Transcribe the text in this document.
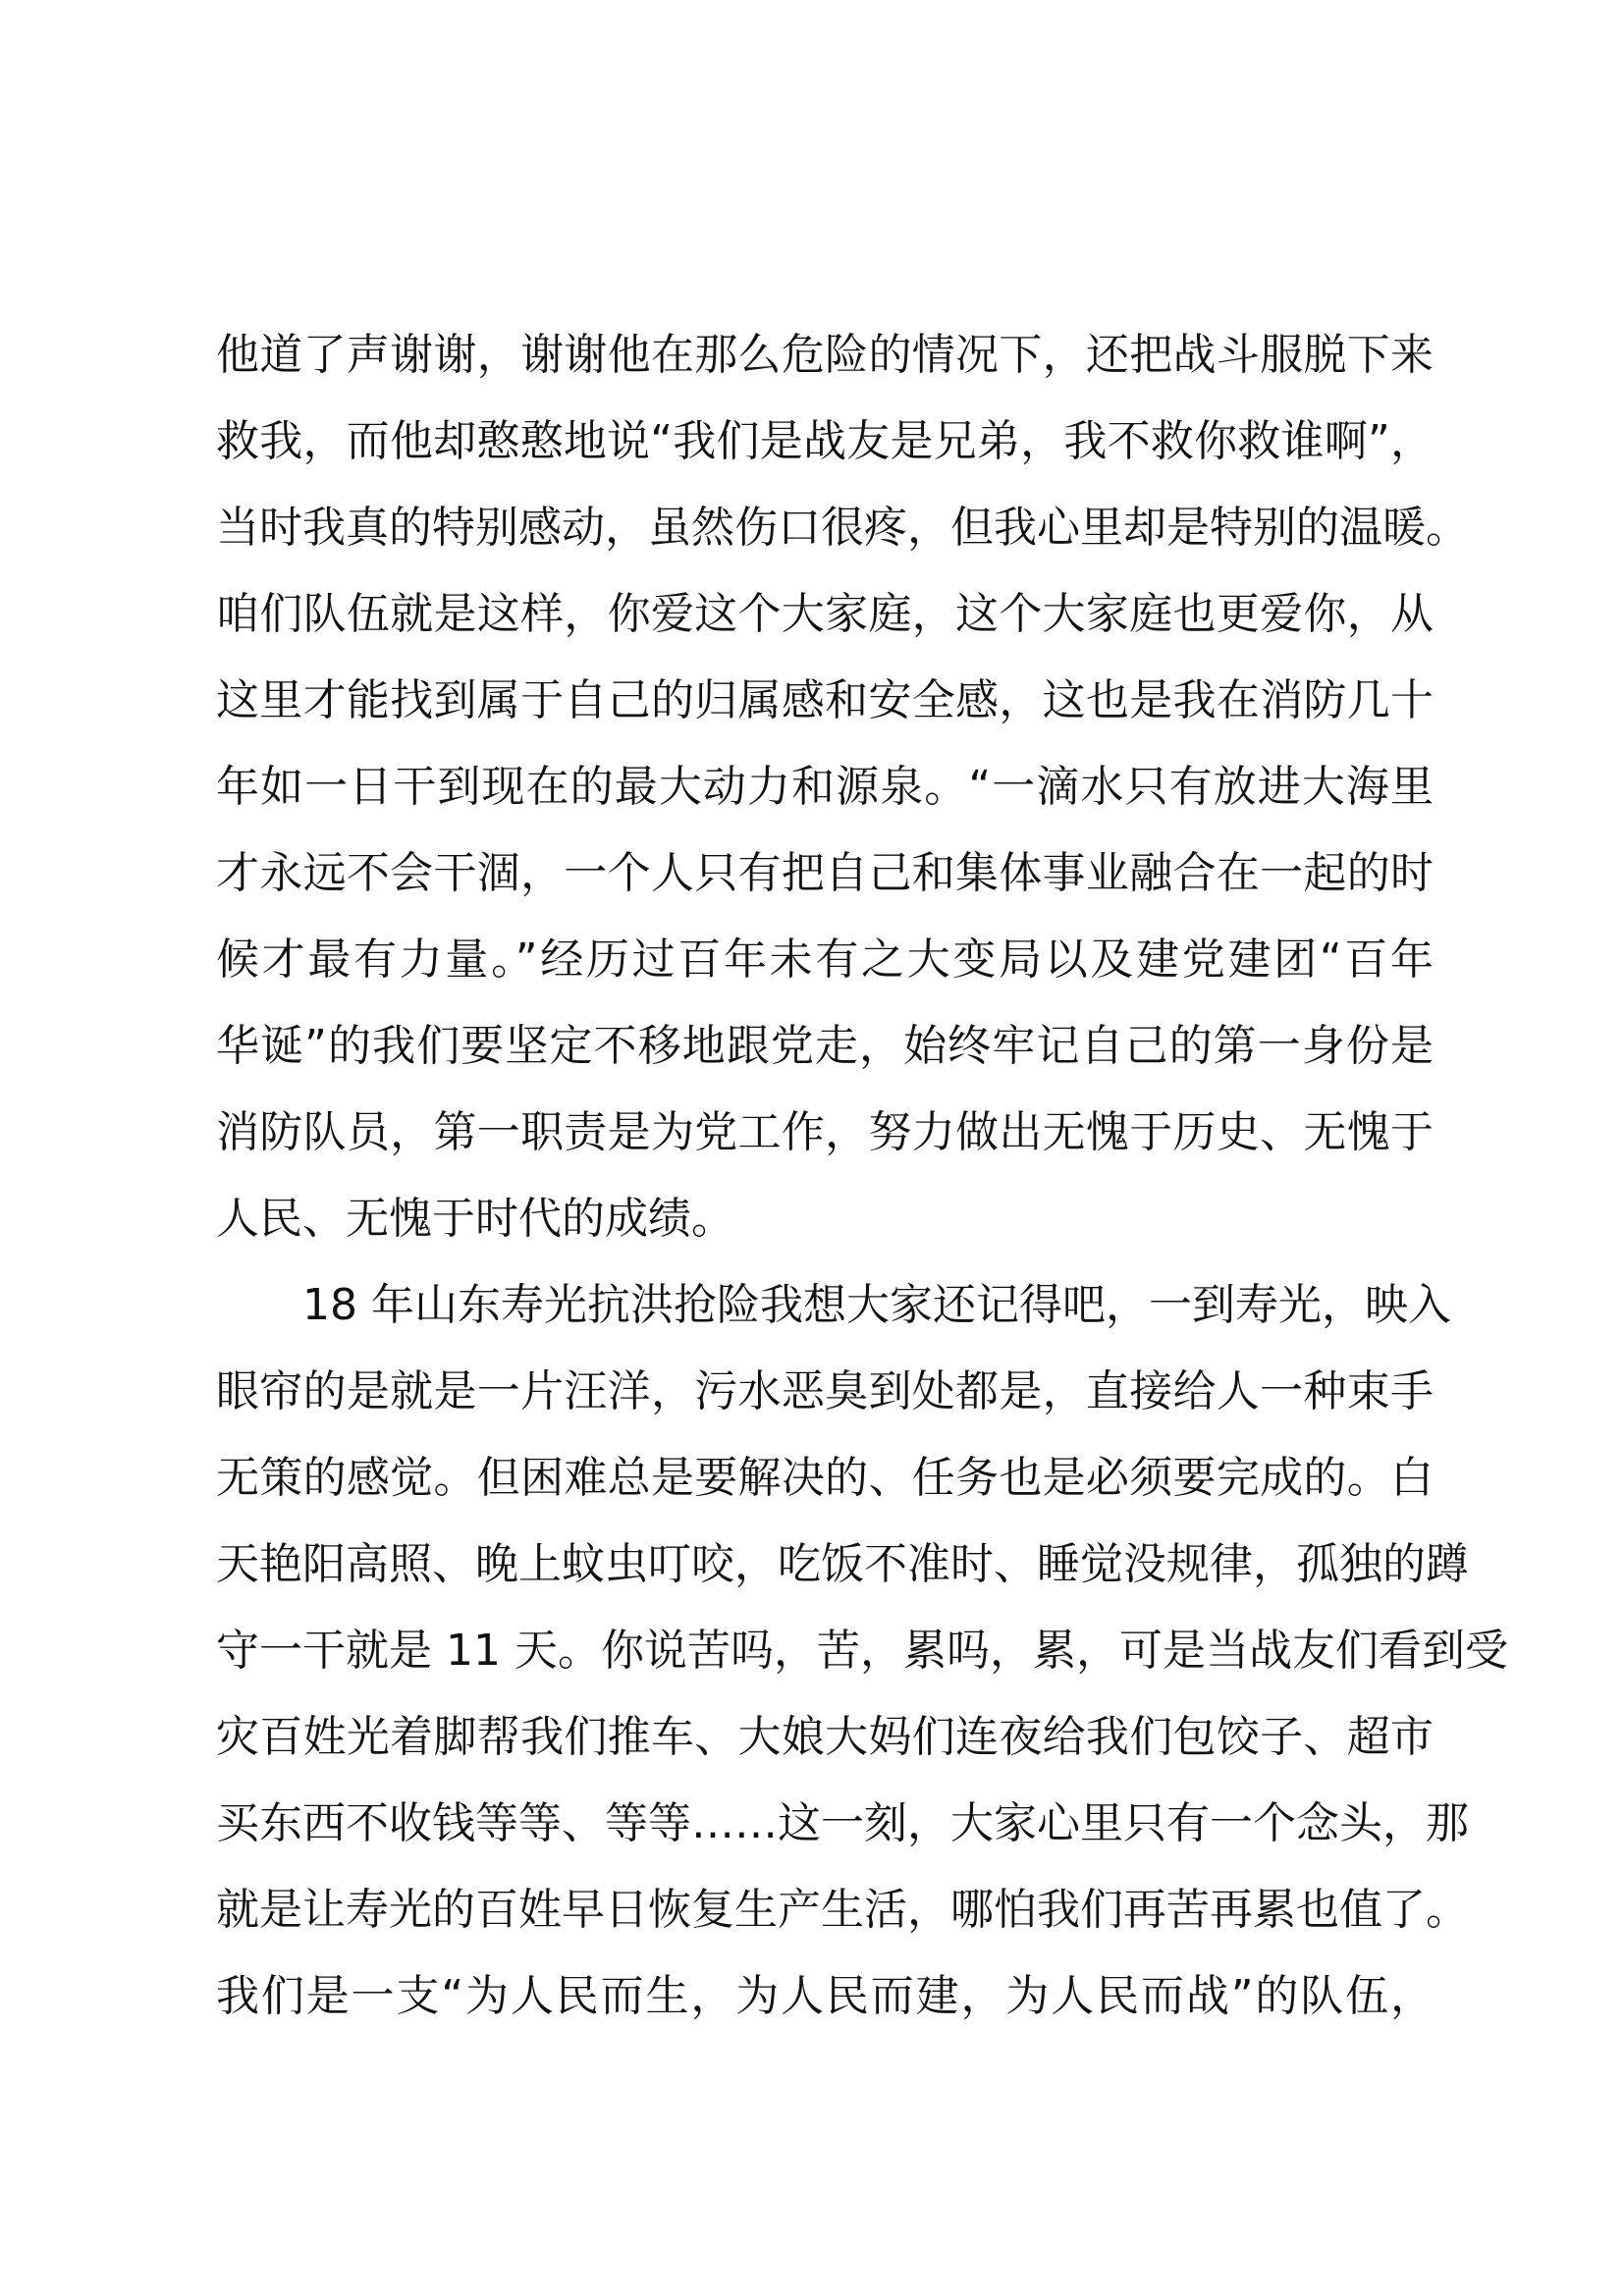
他道了声谢谢，谢谢他在那么危险的情况下，还把战斗服脱下来
救我，而他却憨憨地说“我们是战友是兄弟，我不救你救谁啊”，
当时我真的特别感动，虽然伤口很疼，但我心里却是特别的温暖。
咱们队伍就是这样，你爱这个大家庭，这个大家庭也更爱你，从
这里才能找到属于自己的归属感和安全感，这也是我在消防几十
年如一日干到现在的最大动力和源泉。“一滴水只有放进大海里
才永远不会干涸，一个人只有把自己和集体事业融合在一起的时
候才最有力量。”经历过百年未有之大变局以及建党建团“百年
华诞”的我们要坚定不移地跟党走，始终牢记自己的第一身份是
消防队员，第一职责是为党工作，努力做出无愧于历史、无愧于
人民、无愧于时代的成绩。
18 年山东寿光抗洪抢险我想大家还记得吧，一到寿光，映入
眼帘的是就是一片汪洋，污水恶臭到处都是，直接给人一种束手
无策的感觉。但困难总是要解决的、任务也是必须要完成的。白
天艳阳高照、晚上蚊虫叮咬，吃饭不准时、睡觉没规律，孤独的蹲
守一干就是 11 天。你说苦吗，苦，累吗，累，可是当战友们看到受
灾百姓光着脚帮我们推车、大娘大妈们连夜给我们包饺子、超市
买东西不收钱等等、等等……这一刻，大家心里只有一个念头，那
就是让寿光的百姓早日恢复生产生活，哪怕我们再苦再累也值了。
我们是一支“为人民而生，为人民而建，为人民而战”的队伍，
